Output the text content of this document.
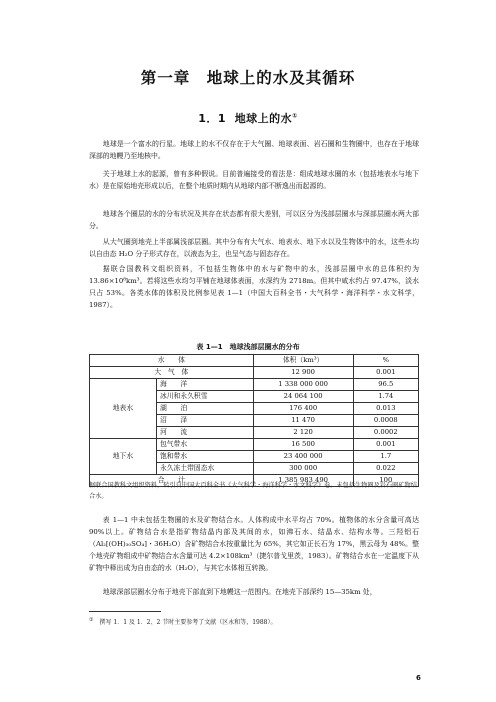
第一章　地球上的水及其循环
1．1 地球上的水①

地球是一个富水的行星。地球上的水不仅存在于大气圈、地球表面、岩石圈和生物圈中，也存在于地球深部的地幔乃至地核中。

关于地球上水的起源，曾有多种假说。目前普遍接受的看法是：组成地球水圈的水（包括地表水与地下水）是在原始地壳形成以后，在整个地质时期内从地球内部不断逸出而起源的。

地球各个圈层的水的分布状况及其存在状态都有很大差别，可以区分为浅部层圈水与深部层圈水两大部分。

从大气圈到地壳上半部属浅部层圈。其中分布有大气水、地表水、地下水以及生物体中的水，这些水均以自由态 H₂O 分子形式存在，以液态为主，也呈气态与固态存在。

据联合国教科文组织资料，不包括生物体中的水与矿物中的水，浅部层圈中水的总体积约为 13.86×10⁸km³。若将这些水均匀平铺在地球体表面，水深约为 2718m。但其中咸水约占 97.47%，淡水只占 53%。各类水体的体积及比例参见表 1—1（中国大百科全书・大气科学・海洋科学・水文科学，1987）。

表 1—1　地球浅部层圈水的分布
水　　体		体积（km³）	%
大　气　体		12 900	0.001
地表水	海　　洋	1 338 000 000	96.5
	冰川和永久积雪	24 064 100	1.74
	湖　　泊	176 400	0.013
	沼　　泽	11 470	0.0008
	河　　流	2 120	0.0002
地下水	包气带水	16 500	0.001
	饱和带水	23 400 000	1.7
	永久冻土带固态水	300 000	0.022
合　　计		1 385 983 490	100

据联合国教科文组织资料，转引自中国大百科全书《大气科学・海洋科学・水文科学》卷。未包括生物圈及岩石圈矿物结合水。

表 1—1 中未包括生物圈的水及矿物结合水。人体构成中水平均占 70%。植物体的水分含量可高达 90%以上。矿物结合水是指矿物结晶内部及其间的水，如沸石水、结晶水、结构水等。三羟铝石（Al₂[(OH)₃₀SO₄]・36H₂O）含矿物结合水按重量比为 65%，其它如正长石为 17%，黑云母为 48%。整个地壳矿物组成中矿物结合水含量可达 4.2×108km³（捷尔普戈里茨，1983）。矿物结合水在一定温度下从矿物中释出成为自由态的水（H₂O），与其它水体相互转换。

地球深部层圈水分布于地壳下部直到下地幔这一范围内。在地壳下部深约 15—35km 处，

① 撰写 1．1 及 1．2、2 节时主要参考了文献（区永和等，1988）。
6
